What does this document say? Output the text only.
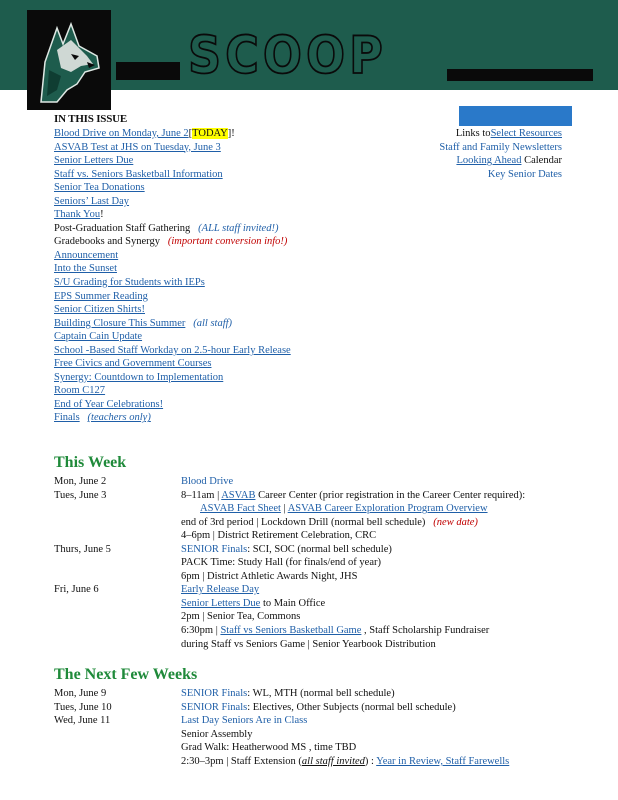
SCOOP
IN THIS ISSUE
Blood Drive on Monday, June 2[TODAY]!
ASVAB Test at JHS on Tuesday, June 3
Senior Letters Due
Staff vs. Seniors Basketball Information
Senior Tea Donations
Seniors’ Last Day
Thank You!
Post-Graduation Staff Gathering (ALL staff invited!)
Gradebooks and Synergy (important conversion info!)
Announcement
Into the Sunset
S/U Grading for Students with IEPs
EPS Summer Reading
Senior Citizen Shirts!
Building Closure This Summer (all staff)
Captain Cain Update
School -Based Staff Workday on 2.5-hour Early Release
Free Civics and Government Courses
Synergy: Countdown to Implementation
Room C127
End of Year Celebrations!
Finals (teachers only)
Links toSelect Resources
Staff and Family Newsletters
Looking Ahead Calendar
Key Senior Dates
This Week
Mon, June 2	Blood Drive
Tues, June 3	8–11am | ASVAB Career Center (prior registration in the Career Center required):
ASVAB Fact Sheet | ASVAB Career Exploration Program Overview
end of 3rd period | Lockdown Drill (normal bell schedule) (new date)
4–6pm | District Retirement Celebration, CRC
Thurs, June 5	SENIOR Finals: SCI, SOC (normal bell schedule)
PACK Time: Study Hall (for finals/end of year)
6pm | District Athletic Awards Night, JHS
Fri, June 6	Early Release Day
Senior Letters Due to Main Office
2pm | Senior Tea, Commons
6:30pm | Staff vs Seniors Basketball Game , Staff Scholarship Fundraiser
during Staff vs Seniors Game | Senior Yearbook Distribution
The Next Few Weeks
Mon, June 9	SENIOR Finals: WL, MTH (normal bell schedule)
Tues, June 10	SENIOR Finals: Electives, Other Subjects (normal bell schedule)
Wed, June 11	Last Day Seniors Are in Class
Senior Assembly
Grad Walk: Heatherwood MS , time TBD
2:30–3pm | Staff Extension (all staff invited) : Year in Review, Staff Farewells
